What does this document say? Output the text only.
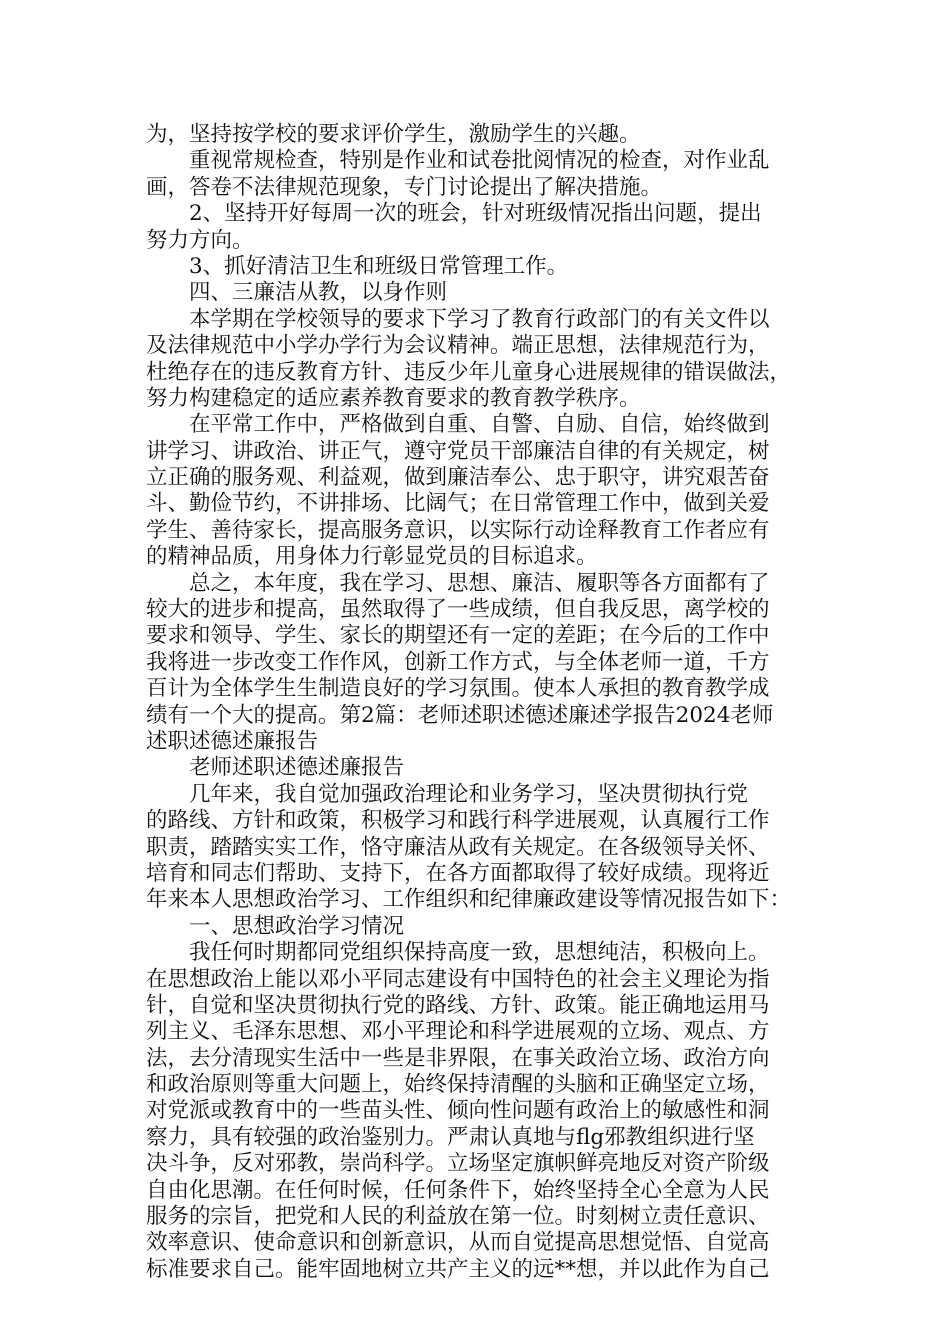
为，坚持按学校的要求评价学生，激励学生的兴趣。
　　重视常规检查，特别是作业和试卷批阅情况的检查，对作业乱
画，答卷不法律规范现象，专门讨论提出了解决措施。
　　2、坚持开好每周一次的班会，针对班级情况指出问题，提出
努力方向。
　　3、抓好清洁卫生和班级日常管理工作。
　　四、三廉洁从教，以身作则
　　本学期在学校领导的要求下学习了教育行政部门的有关文件以
及法律规范中小学办学行为会议精神。端正思想，法律规范行为，
杜绝存在的违反教育方针、违反少年儿童身心进展规律的错误做法，
努力构建稳定的适应素养教育要求的教育教学秩序。
　　在平常工作中，严格做到自重、自警、自励、自信，始终做到
讲学习、讲政治、讲正气，遵守党员干部廉洁自律的有关规定，树
立正确的服务观、利益观，做到廉洁奉公、忠于职守，讲究艰苦奋
斗、勤俭节约，不讲排场、比阔气；在日常管理工作中，做到关爱
学生、善待家长，提高服务意识，以实际行动诠释教育工作者应有
的精神品质，用身体力行彰显党员的目标追求。
　　总之，本年度，我在学习、思想、廉洁、履职等各方面都有了
较大的进步和提高，虽然取得了一些成绩，但自我反思，离学校的
要求和领导、学生、家长的期望还有一定的差距；在今后的工作中
我将进一步改变工作作风，创新工作方式，与全体老师一道，千方
百计为全体学生生制造良好的学习氛围。使本人承担的教育教学成
绩有一个大的提高。第2篇：老师述职述德述廉述学报告2024老师
述职述德述廉报告
　　老师述职述德述廉报告
　　几年来，我自觉加强政治理论和业务学习，坚决贯彻执行党
的路线、方针和政策，积极学习和践行科学进展观，认真履行工作
职责，踏踏实实工作，恪守廉洁从政有关规定。在各级领导关怀、
培育和同志们帮助、支持下，在各方面都取得了较好成绩。现将近
年来本人思想政治学习、工作组织和纪律廉政建设等情况报告如下：
　　一、思想政治学习情况
　　我任何时期都同党组织保持高度一致，思想纯洁，积极向上。
在思想政治上能以邓小平同志建设有中国特色的社会主义理论为指
针，自觉和坚决贯彻执行党的路线、方针、政策。能正确地运用马
列主义、毛泽东思想、邓小平理论和科学进展观的立场、观点、方
法，去分清现实生活中一些是非界限，在事关政治立场、政治方向
和政治原则等重大问题上，始终保持清醒的头脑和正确坚定立场，
对党派或教育中的一些苗头性、倾向性问题有政治上的敏感性和洞
察力，具有较强的政治鉴别力。严肃认真地与flg邪教组织进行坚
决斗争，反对邪教，崇尚科学。立场坚定旗帜鲜亮地反对资产阶级
自由化思潮。在任何时候，任何条件下，始终坚持全心全意为人民
服务的宗旨，把党和人民的利益放在第一位。时刻树立责任意识、
效率意识、使命意识和创新意识，从而自觉提高思想觉悟、自觉高
标准要求自己。能牢固地树立共产主义的远**想，并以此作为自己
